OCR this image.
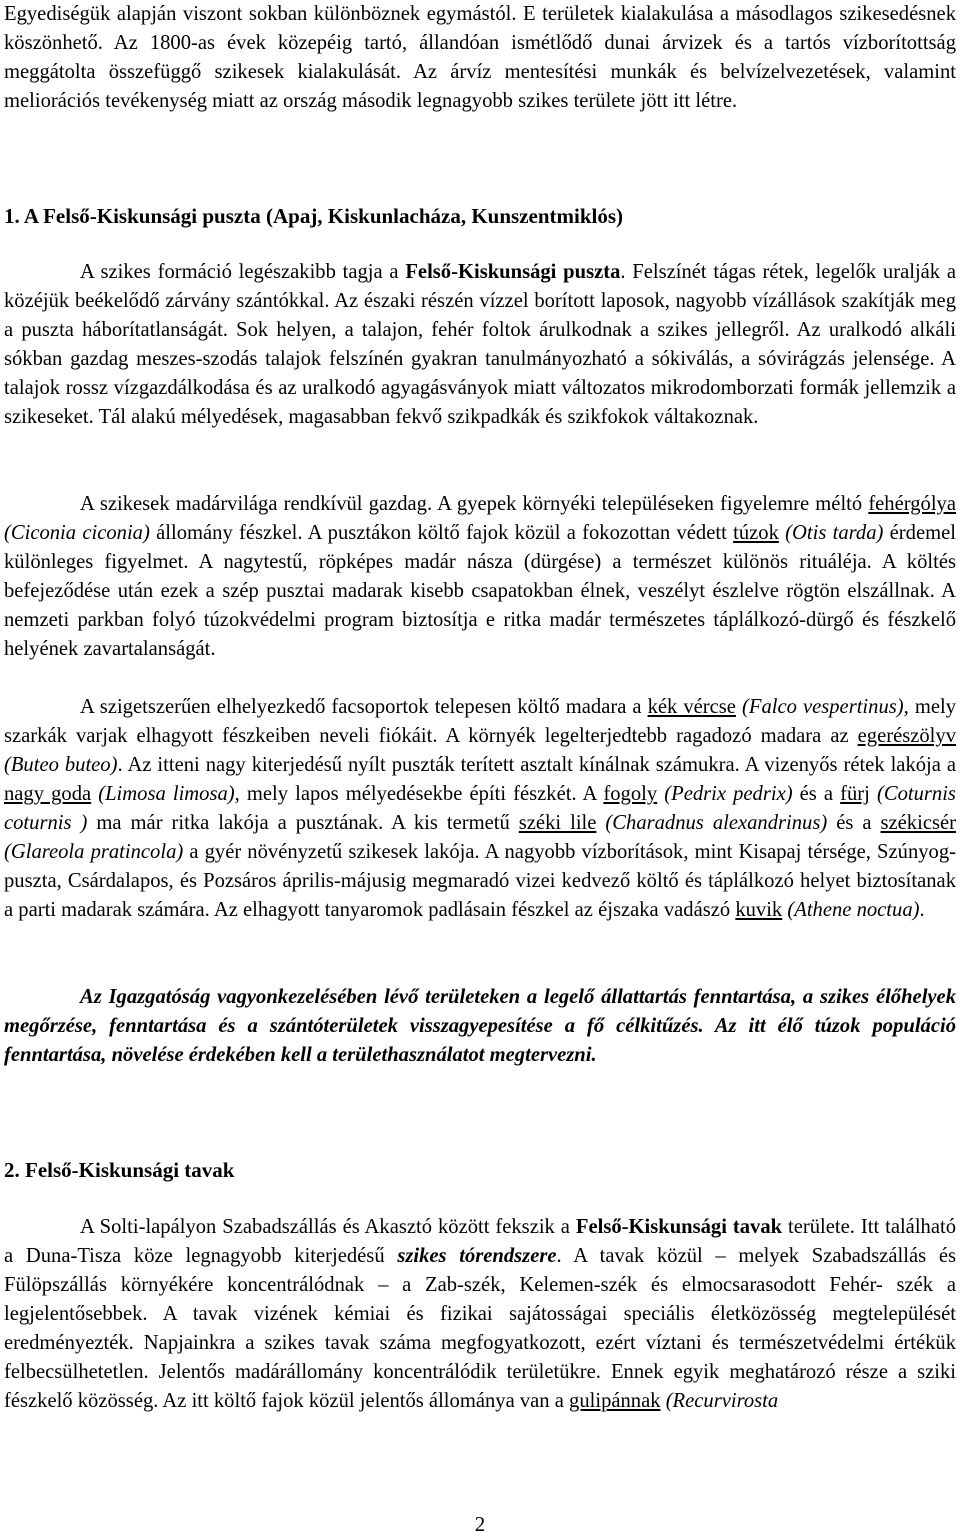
Egyediségük alapján viszont sokban különböznek egymástól. E területek kialakulása a másodlagos szikesedésnek köszönhető. Az 1800-as évek közepéig tartó, állandóan ismétlődő dunai árvizek és a tartós vízborítottság meggátolta összefüggő szikesek kialakulását. Az árvíz mentesítési munkák és belvízelvezetések, valamint meliorációs tevékenység miatt az ország második legnagyobb szikes területe jött itt létre.

1. A Felső-Kiskunsági puszta (Apaj, Kiskunlacháza, Kunszentmiklós)

A szikes formáció legészakibb tagja a Felső-Kiskunsági puszta. Felszínét tágas rétek, legelők uralják a közéjük beékelődő zárvány szántókkal. Az északi részén vízzel borított laposok, nagyobb vízállások szakítják meg a puszta háborítatlanságát. Sok helyen, a talajon, fehér foltok árulkodnak a szikes jellegről. Az uralkodó alkáli sókban gazdag meszes-szodás talajok felszínén gyakran tanulmányozható a sókiválás, a sóvirágzás jelensége. A talajok rossz vízgazdálkodása és az uralkodó agyagásványok miatt változatos mikrodomborzati formák jellemzik a szikeseket. Tál alakú mélyedések, magasabban fekvő szikpadkák és szikfokok váltakoznak.

A szikesek madárvilága rendkívül gazdag. A gyepek környéki településeken figyelemre méltó fehérgólya (Ciconia ciconia) állomány fészkel. A pusztákon költő fajok közül a fokozottan védett túzok (Otis tarda) érdemel különleges figyelmet. A nagytestű, röpképes madár násza (dürgése) a természet különös rituáléja. A költés befejeződése után ezek a szép pusztai madarak kisebb csapatokban élnek, veszélyt észlelve rögtön elszállnak. A nemzeti parkban folyó túzokvédelmi program biztosítja e ritka madár természetes táplálkozó-dürgő és fészkelő helyének zavartalanságát.

A szigetszerűen elhelyezkedő facsoportok telepesen költő madara a kék vércse (Falco vespertinus), mely szarkák varjak elhagyott fészkeiben neveli fiókáit. A környék legelterjedtebb ragadozó madara az egerészölyv (Buteo buteo). Az itteni nagy kiterjedésű nyílt puszták terített asztalt kínálnak számukra. A vizenyős rétek lakója a nagy goda (Limosa limosa), mely lapos mélyedésekbe építi fészkét. A fogoly (Pedrix pedrix) és a fürj (Coturnis coturnis ) ma már ritka lakója a pusztának. A kis termetű széki lile (Charadnus alexandrinus) és a székicsér (Glareola pratincola) a gyér növényzetű szikesek lakója. A nagyobb vízborítások, mint Kisapaj térsége, Szúnyog-puszta, Csárdalapos, és Pozsáros április-májusig megmaradó vizei kedvező költő és táplálkozó helyet biztosítanak a parti madarak számára. Az elhagyott tanyaromok padlásain fészkel az éjszaka vadászó kuvik (Athene noctua).

Az Igazgatóság vagyonkezelésében lévő területeken a legelő állattartás fenntartása, a szikes élőhelyek megőrzése, fenntartása és a szántóterületek visszagyepesítése a fő célkitűzés. Az itt élő túzok populáció fenntartása, növelése érdekében kell a területhasználatot megtervezni.

2. Felső-Kiskunsági tavak

A Solti-lapályon Szabadszállás és Akasztó között fekszik a Felső-Kiskunsági tavak területe. Itt található a Duna-Tisza köze legnagyobb kiterjedésű szikes tórendszere. A tavak közül – melyek Szabadszállás és Fülöpszállás környékére koncentrálódnak – a Zab-szék, Kelemen-szék és elmocsarasodott Fehér- szék a legjelentősebbek. A tavak vizének kémiai és fizikai sajátosságai speciális életközösség megtelepülését eredményezték. Napjainkra a szikes tavak száma megfogyatkozott, ezért víztani és természetvédelmi értékük felbecsülhetetlen. Jelentős madárállomány koncentrálódik területükre. Ennek egyik meghatározó része a sziki fészkelő közösség. Az itt költő fajok közül jelentős állománya van a gulipánnak (Recurvirosta

2
